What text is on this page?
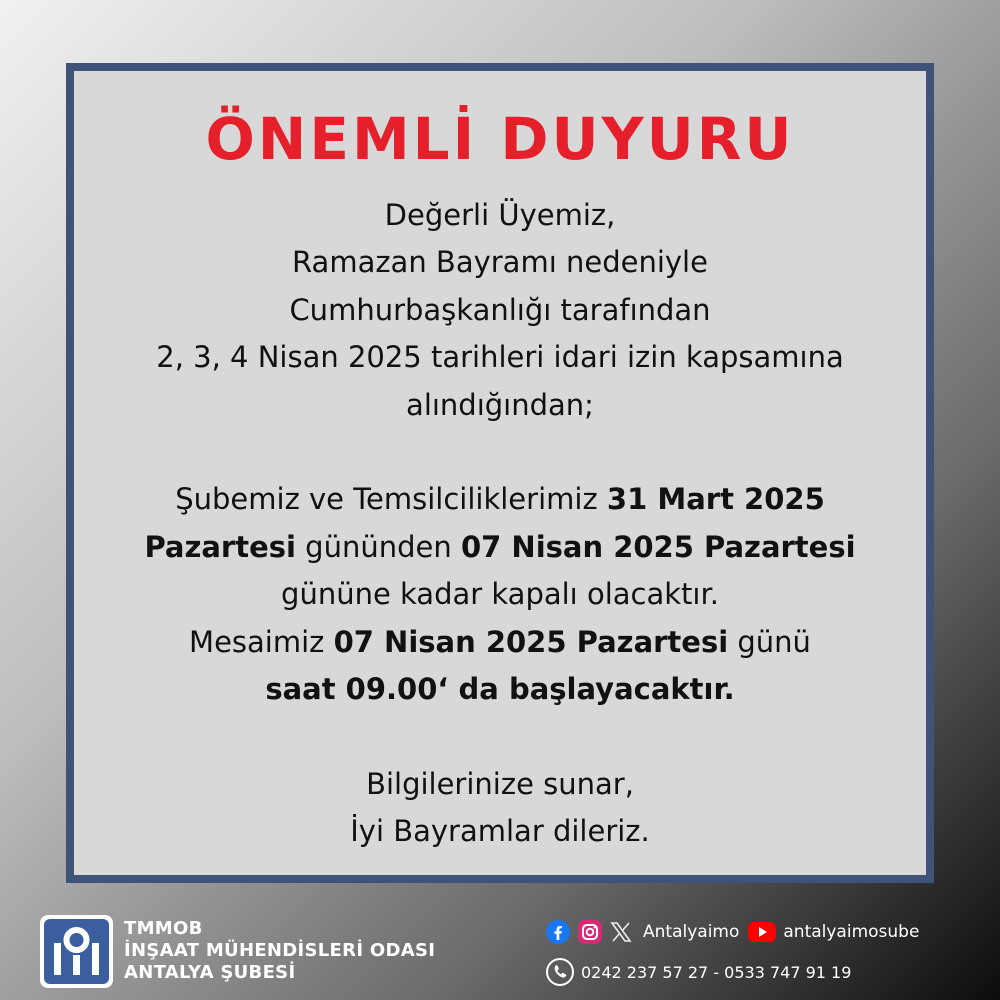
ÖNEMLİ DUYURU

Değerli Üyemiz,

Ramazan Bayramı nedeniyle

Cumhurbaşkanlığı tarafından

2, 3, 4 Nisan 2025 tarihleri idari izin kapsamına

alındığından;

Şubemiz ve Temsilciliklerimiz 31 Mart 2025

Pazartesi gününden 07 Nisan 2025 Pazartesi

gününe kadar kapalı olacaktır.

Mesaimiz 07 Nisan 2025 Pazartesi günü

saat 09.00‘ da başlayacaktır.

Bilgilerinize sunar,

İyi Bayramlar dileriz.

TMMOB
İNŞAAT MÜHENDİSLERİ ODASI
ANTALYA ŞUBESİ
Antalyaimo	antalyaimosube
0242 237 57 27 - 0533 747 91 19
